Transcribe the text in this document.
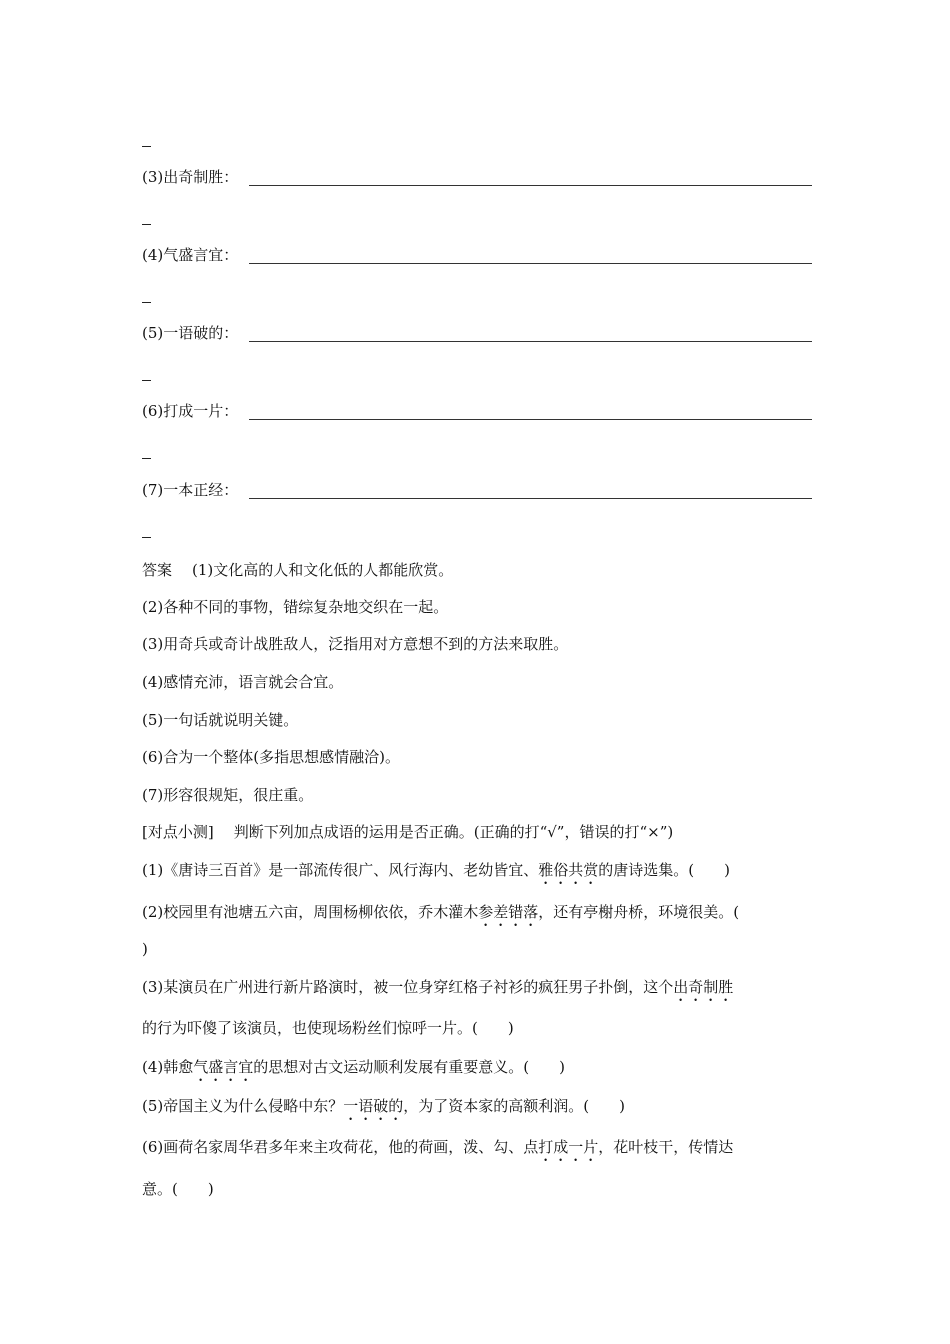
(3)出奇制胜：
(4)气盛言宜：
(5)一语破的：
(6)打成一片：
(7)一本正经：
答案 (1)文化高的人和文化低的人都能欣赏。
(2)各种不同的事物，错综复杂地交织在一起。
(3)用奇兵或奇计战胜敌人，泛指用对方意想不到的方法来取胜。
(4)感情充沛，语言就会合宜。
(5)一句话就说明关键。
(6)合为一个整体(多指思想感情融洽)。
(7)形容很规矩，很庄重。
[对点小测] 判断下列加点成语的运用是否正确。(正确的打“√”，错误的打“×”)
(1)《唐诗三百首》是一部流传很广、风行海内、老幼皆宜、雅俗共赏的唐诗选集。(　　)
(2)校园里有池塘五六亩，周围杨柳依依，乔木灌木参差错落，还有亭榭舟桥，环境很美。(
)
(3)某演员在广州进行新片路演时，被一位身穿红格子衬衫的疯狂男子扑倒，这个出奇制胜
的行为吓傻了该演员，也使现场粉丝们惊呼一片。(　　)
(4)韩愈气盛言宜的思想对古文运动顺利发展有重要意义。(　　)
(5)帝国主义为什么侵略中东？一语破的，为了资本家的高额利润。(　　)
(6)画荷名家周华君多年来主攻荷花，他的荷画，泼、勾、点打成一片，花叶枝干，传情达
意。(　　)
